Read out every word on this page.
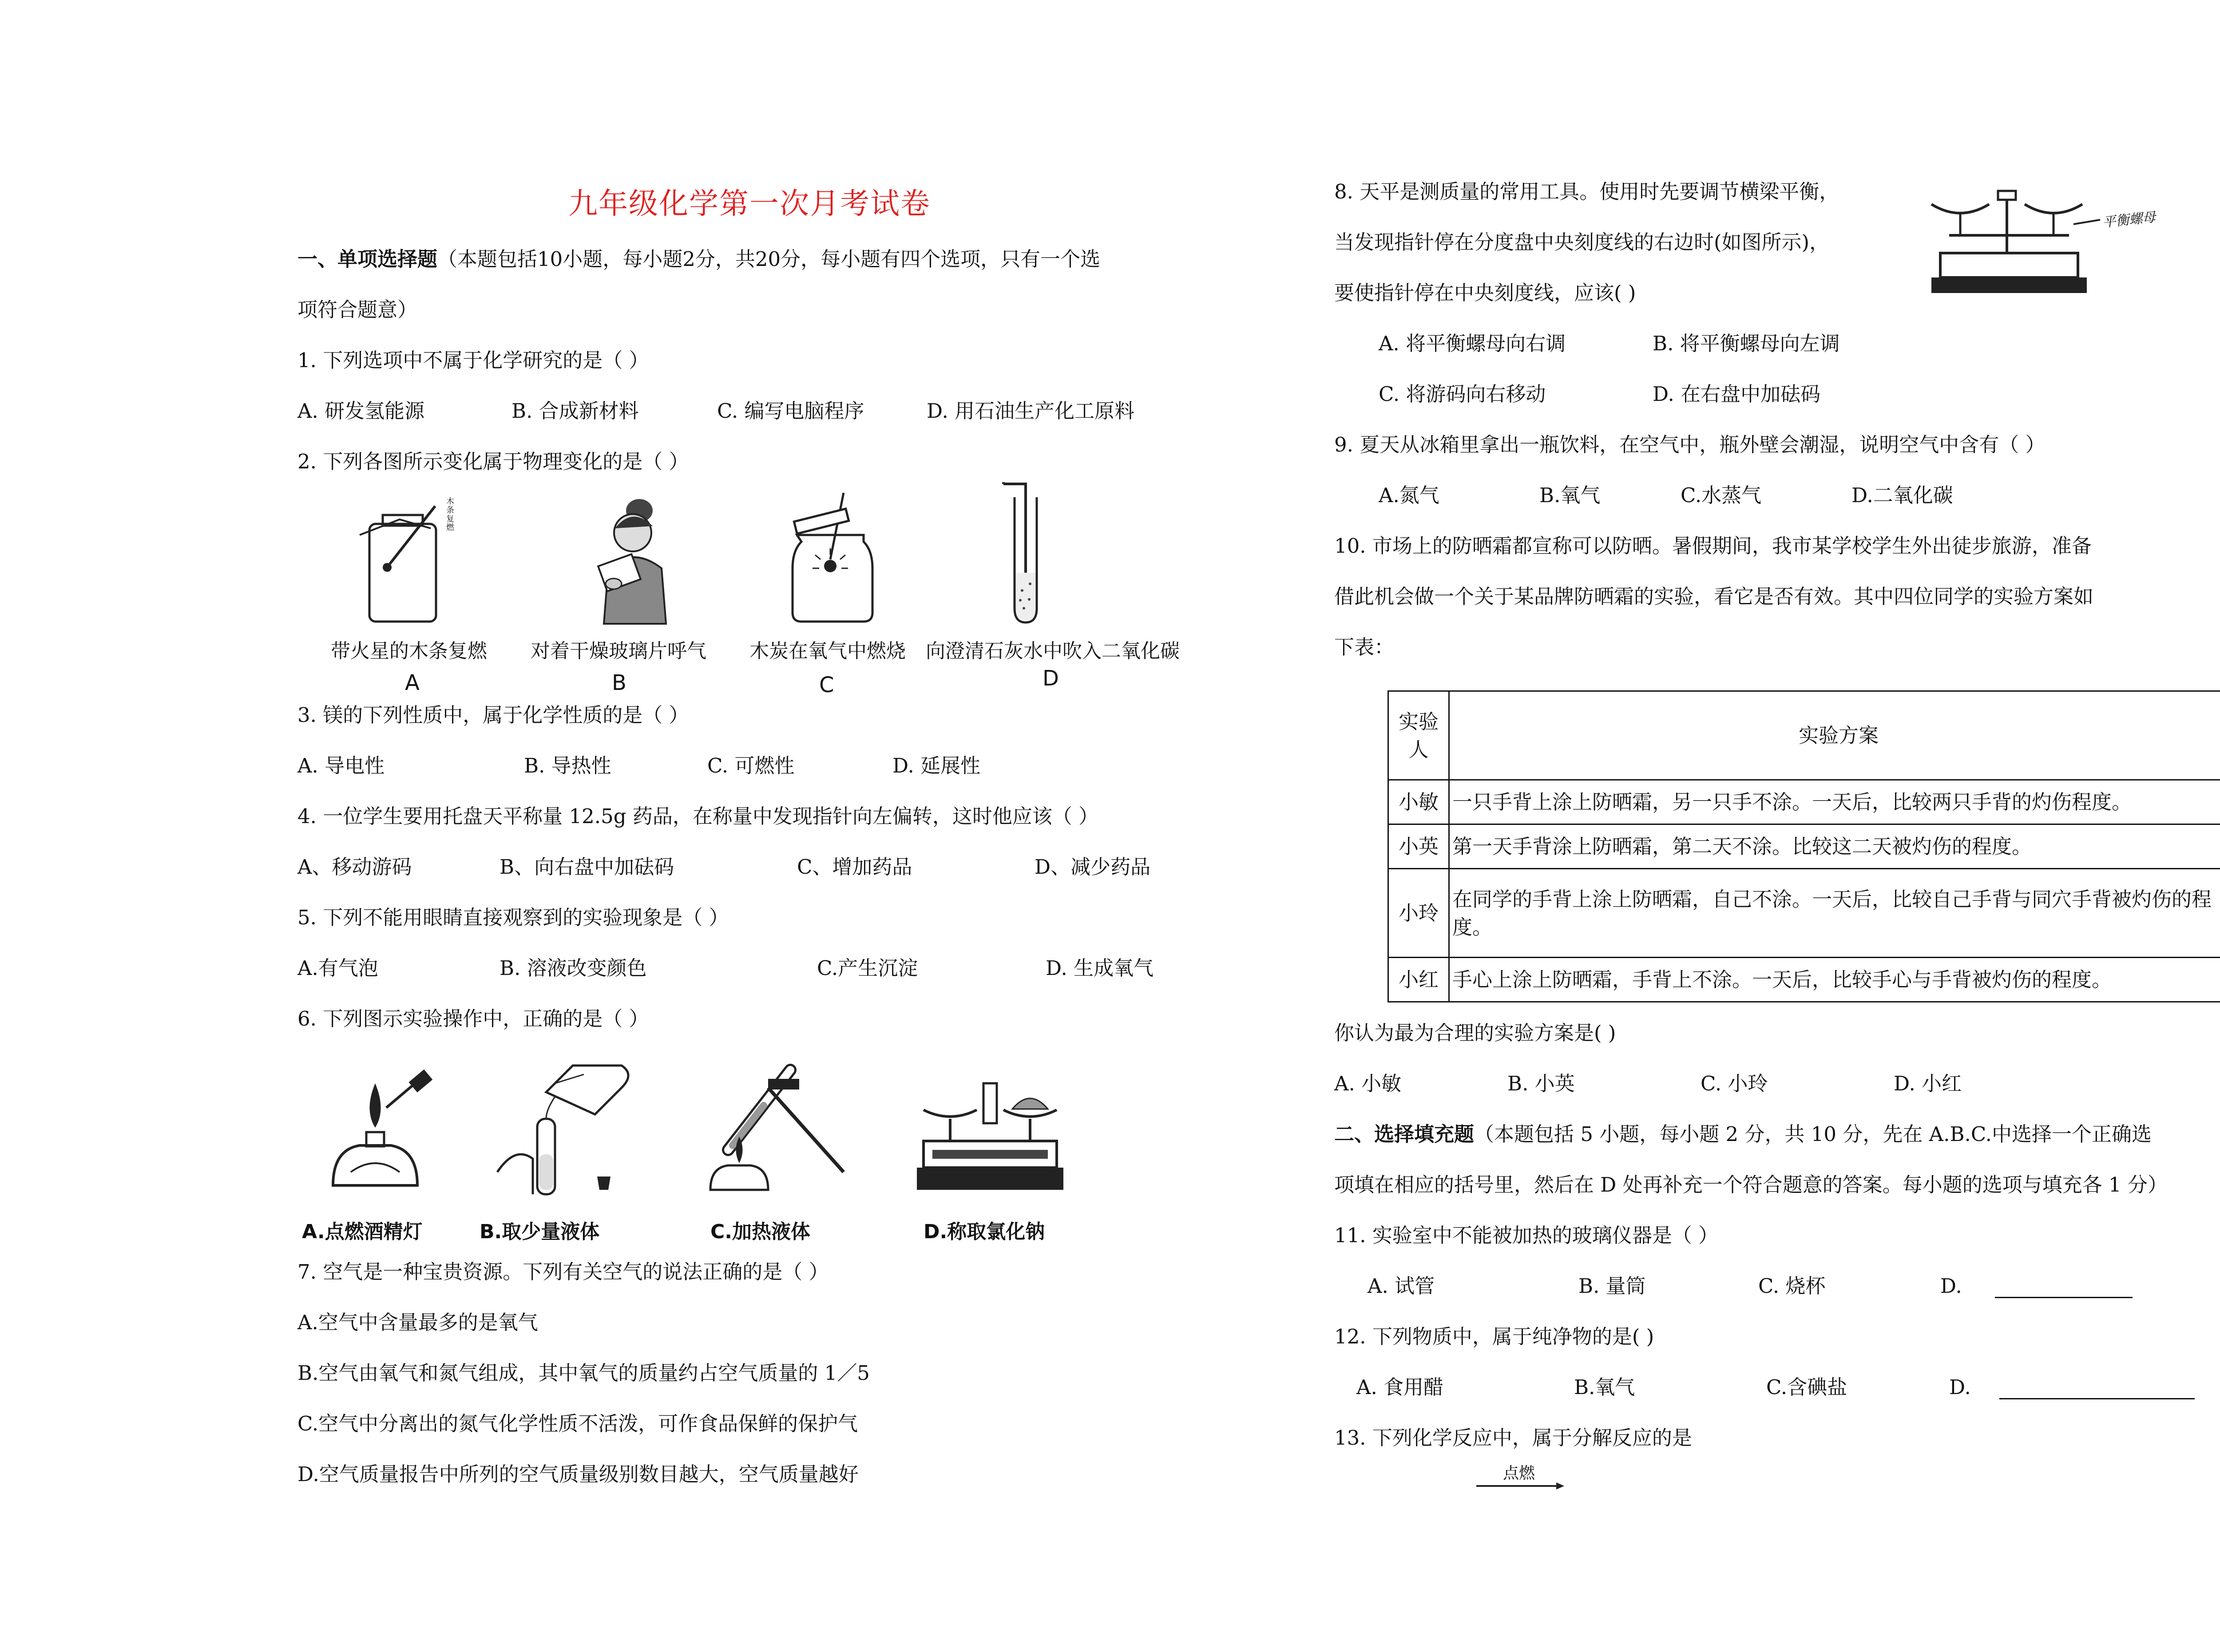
九年级化学第一次月考试卷
一、单项选择题（本题包括10小题，每小题2分，共20分，每小题有四个选项，只有一个选
项符合题意）
1. 下列选项中不属于化学研究的是（ ）
A. 研发氢能源	B. 合成新材料	C. 编写电脑程序	D. 用石油生产化工原料
2. 下列各图所示变化属于物理变化的是（ ）
木条复燃
带火星的木条复燃 对着干燥玻璃片呼气 木炭在氧气中燃烧 向澄清石灰水中吹入二氧化碳
A	B	C	D
3. 镁的下列性质中，属于化学性质的是（ ）
A. 导电性	B. 导热性	C. 可燃性	D. 延展性
4. 一位学生要用托盘天平称量 12.5g 药品，在称量中发现指针向左偏转，这时他应该（ ）
A、移动游码	B、向右盘中加砝码	C、增加药品	D、减少药品
5. 下列不能用眼睛直接观察到的实验现象是（ ）
A.有气泡	B. 溶液改变颜色	C.产生沉淀	D. 生成氧气
6. 下列图示实验操作中，正确的是（ ）
A.点燃酒精灯	B.取少量液体	C.加热液体	D.称取氯化钠
7. 空气是一种宝贵资源。下列有关空气的说法正确的是（ ）
A.空气中含量最多的是氧气
B.空气由氧气和氮气组成，其中氧气的质量约占空气质量的 1／5
C.空气中分离出的氮气化学性质不活泼，可作食品保鲜的保护气
D.空气质量报告中所列的空气质量级别数目越大，空气质量越好
8. 天平是测质量的常用工具。使用时先要调节横梁平衡，
当发现指针停在分度盘中央刻度线的右边时(如图所示)，
要使指针停在中央刻度线，应该( )
平衡螺母
A. 将平衡螺母向右调	B. 将平衡螺母向左调
C. 将游码向右移动	D. 在右盘中加砝码
9. 夏天从冰箱里拿出一瓶饮料，在空气中，瓶外壁会潮湿，说明空气中含有（ ）
A.氮气	B.氧气	C.水蒸气	D.二氧化碳
10. 市场上的防晒霜都宣称可以防晒。暑假期间，我市某学校学生外出徒步旅游，准备
借此机会做一个关于某品牌防晒霜的实验，看它是否有效。其中四位同学的实验方案如
下表：
实验人	实验方案
小敏	一只手背上涂上防晒霜，另一只手不涂。一天后，比较两只手背的灼伤程度。
小英	第一天手背涂上防晒霜，第二天不涂。比较这二天被灼伤的程度。
小玲	在同学的手背上涂上防晒霜，自己不涂。一天后，比较自己手背与同穴手背被灼伤的程度。
小红	手心上涂上防晒霜，手背上不涂。一天后，比较手心与手背被灼伤的程度。
你认为最为合理的实验方案是( )
A. 小敏	B. 小英	C. 小玲	D. 小红
二、选择填充题（本题包括 5 小题，每小题 2 分，共 10 分，先在 A.B.C.中选择一个正确选
项填在相应的括号里，然后在 D 处再补充一个符合题意的答案。每小题的选项与填充各 1 分）
11. 实验室中不能被加热的玻璃仪器是（ ）
A. 试管	B. 量筒	C. 烧杯	D.
12. 下列物质中，属于纯净物的是( )
A. 食用醋	B.氧气	C.含碘盐	D.
13. 下列化学反应中，属于分解反应的是
点燃
